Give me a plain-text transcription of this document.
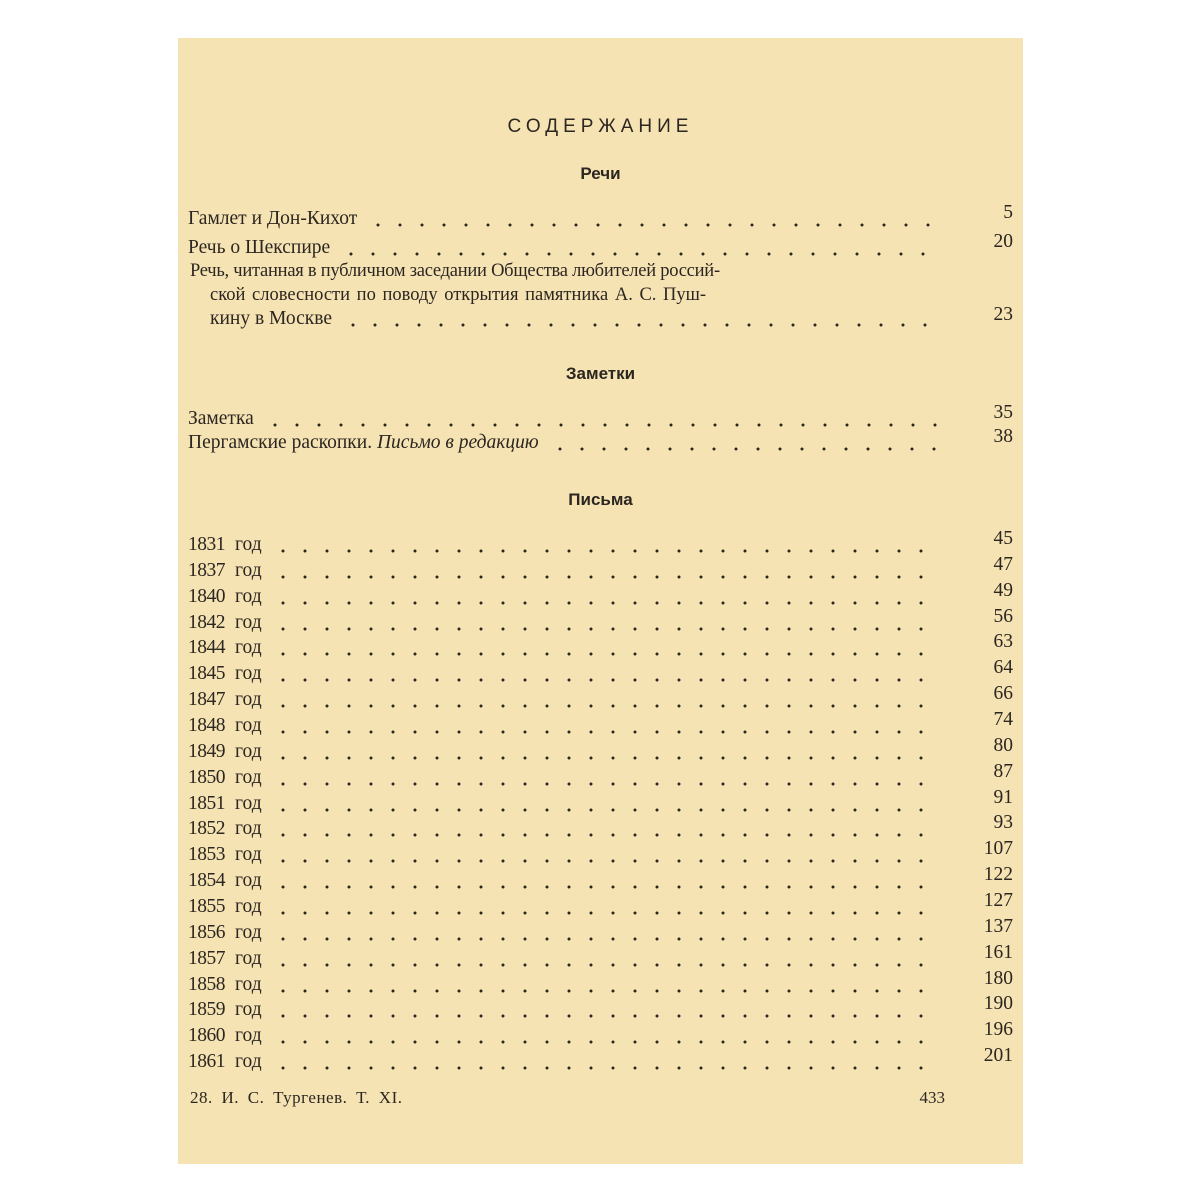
СОДЕРЖАНИЕ
Речи
Гамлет и Дон-Кихот	5
Речь о Шекспире	20
Речь, читанная в публичном заседании Общества любителей россий-
ской словесности по поводу открытия памятника А. С. Пуш-
кину в Москве	23
Заметки
Заметка	35
Пергамские раскопки. Письмо в редакцию	38
Письма
1831 год	45
1837 год	47
1840 год	49
1842 год	56
1844 год	63
1845 год	64
1847 год	66
1848 год	74
1849 год	80
1850 год	87
1851 год	91
1852 год	93
1853 год	107
1854 год	122
1855 год	127
1856 год	137
1857 год	161
1858 год	180
1859 год	190
1860 год	196
1861 год	201
28. И. С. Тургенев. Т. XI.	433
